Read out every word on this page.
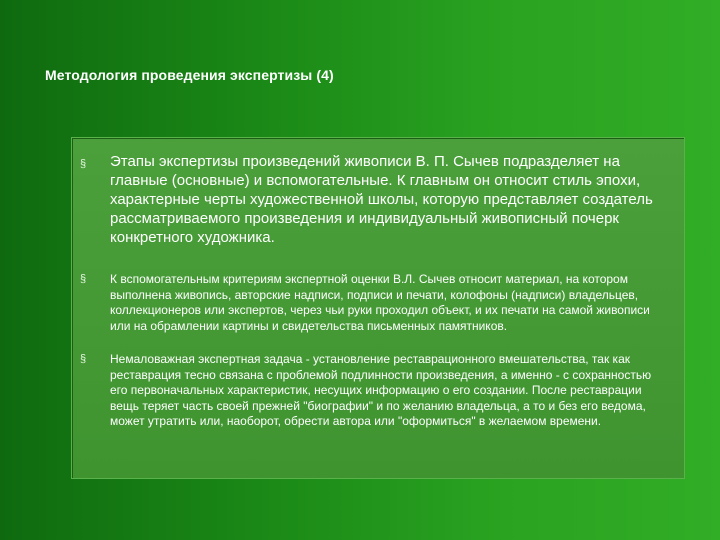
Методология проведения экспертизы (4)
§ Этапы экспертизы произведений живописи В. П. Сычев подразделяет на главные (основные) и вспомогательные. К главным он относит стиль эпохи, характерные черты художественной школы, которую представляет создатель рассматриваемого произведения и индивидуальный живописный почерк конкретного художника.
§ К вспомогательным критериям экспертной оценки В.Л. Сычев относит материал, на котором выполнена живопись, авторские надписи, подписи и печати, колофоны (надписи) владельцев, коллекционеров или экспертов, через чьи руки проходил объект, и их печати на самой живописи или на обрамлении картины и свидетельства письменных памятников.
§ Немаловажная экспертная задача - установление реставрационного вмешательства, так как реставрация тесно связана с проблемой подлинности произведения, а именно - с сохранностью его первоначальных характеристик, несущих информацию о его создании. После реставрации вещь теряет часть своей прежней "биографии" и по желанию владельца, а то и без его ведома, может утратить или, наоборот, обрести автора или "оформиться" в желаемом времени.
